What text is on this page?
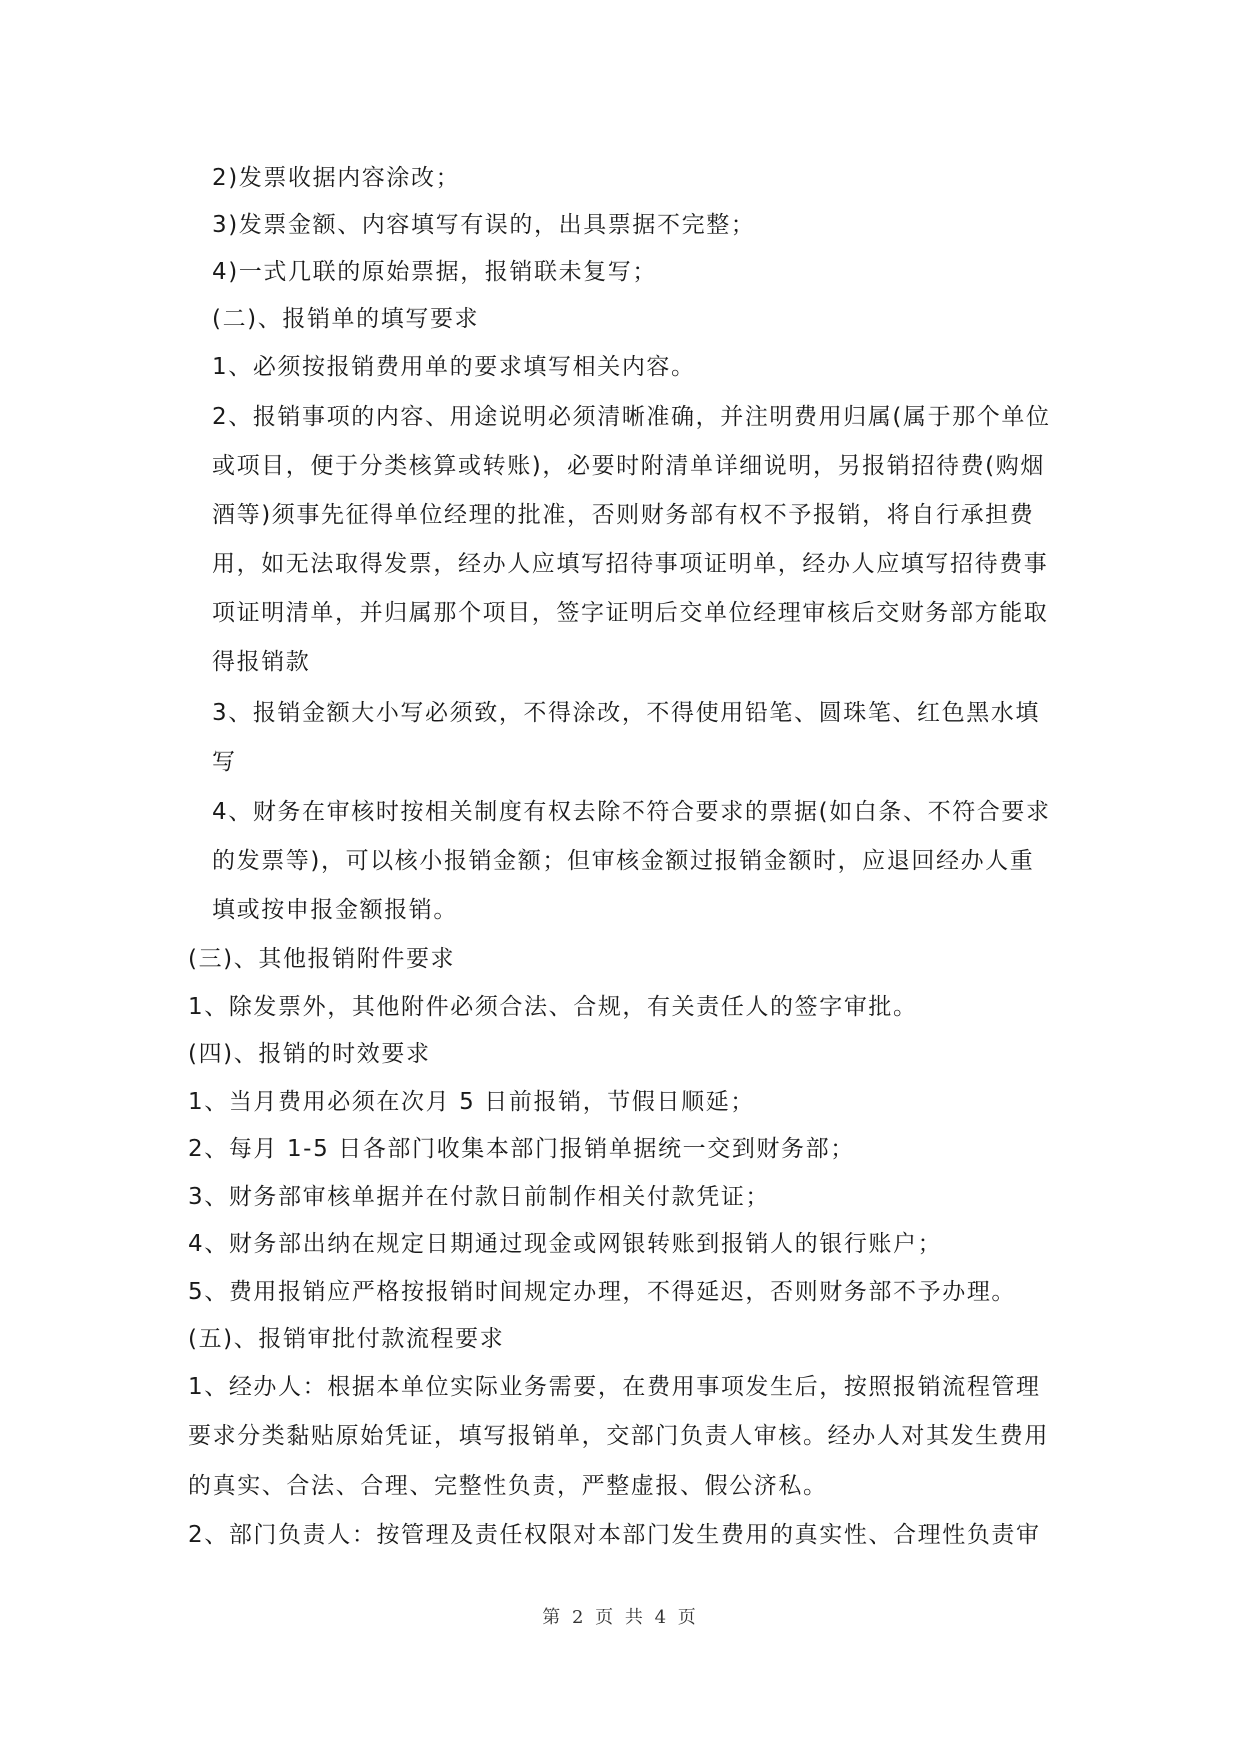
2)发票收据内容涂改；
3)发票金额、内容填写有误的，出具票据不完整；
4)一式几联的原始票据，报销联未复写；
(二)、报销单的填写要求
1、必须按报销费用单的要求填写相关内容。
2、报销事项的内容、用途说明必须清晰准确，并注明费用归属(属于那个单位
或项目，便于分类核算或转账)，必要时附清单详细说明，另报销招待费(购烟
酒等)须事先征得单位经理的批准，否则财务部有权不予报销，将自行承担费
用，如无法取得发票，经办人应填写招待事项证明单，经办人应填写招待费事
项证明清单，并归属那个项目，签字证明后交单位经理审核后交财务部方能取
得报销款
3、报销金额大小写必须致，不得涂改，不得使用铅笔、圆珠笔、红色黑水填
写
4、财务在审核时按相关制度有权去除不符合要求的票据(如白条、不符合要求
的发票等)，可以核小报销金额；但审核金额过报销金额时，应退回经办人重
填或按申报金额报销。
(三)、其他报销附件要求
1、除发票外，其他附件必须合法、合规，有关责任人的签字审批。
(四)、报销的时效要求
1、当月费用必须在次月 5 日前报销，节假日顺延；
2、每月 1-5 日各部门收集本部门报销单据统一交到财务部；
3、财务部审核单据并在付款日前制作相关付款凭证；
4、财务部出纳在规定日期通过现金或网银转账到报销人的银行账户；
5、费用报销应严格按报销时间规定办理，不得延迟，否则财务部不予办理。
(五)、报销审批付款流程要求
1、经办人：根据本单位实际业务需要，在费用事项发生后，按照报销流程管理
要求分类黏贴原始凭证，填写报销单，交部门负责人审核。经办人对其发生费用
的真实、合法、合理、完整性负责，严整虚报、假公济私。
2、部门负责人：按管理及责任权限对本部门发生费用的真实性、合理性负责审
第 2 页 共 4 页
